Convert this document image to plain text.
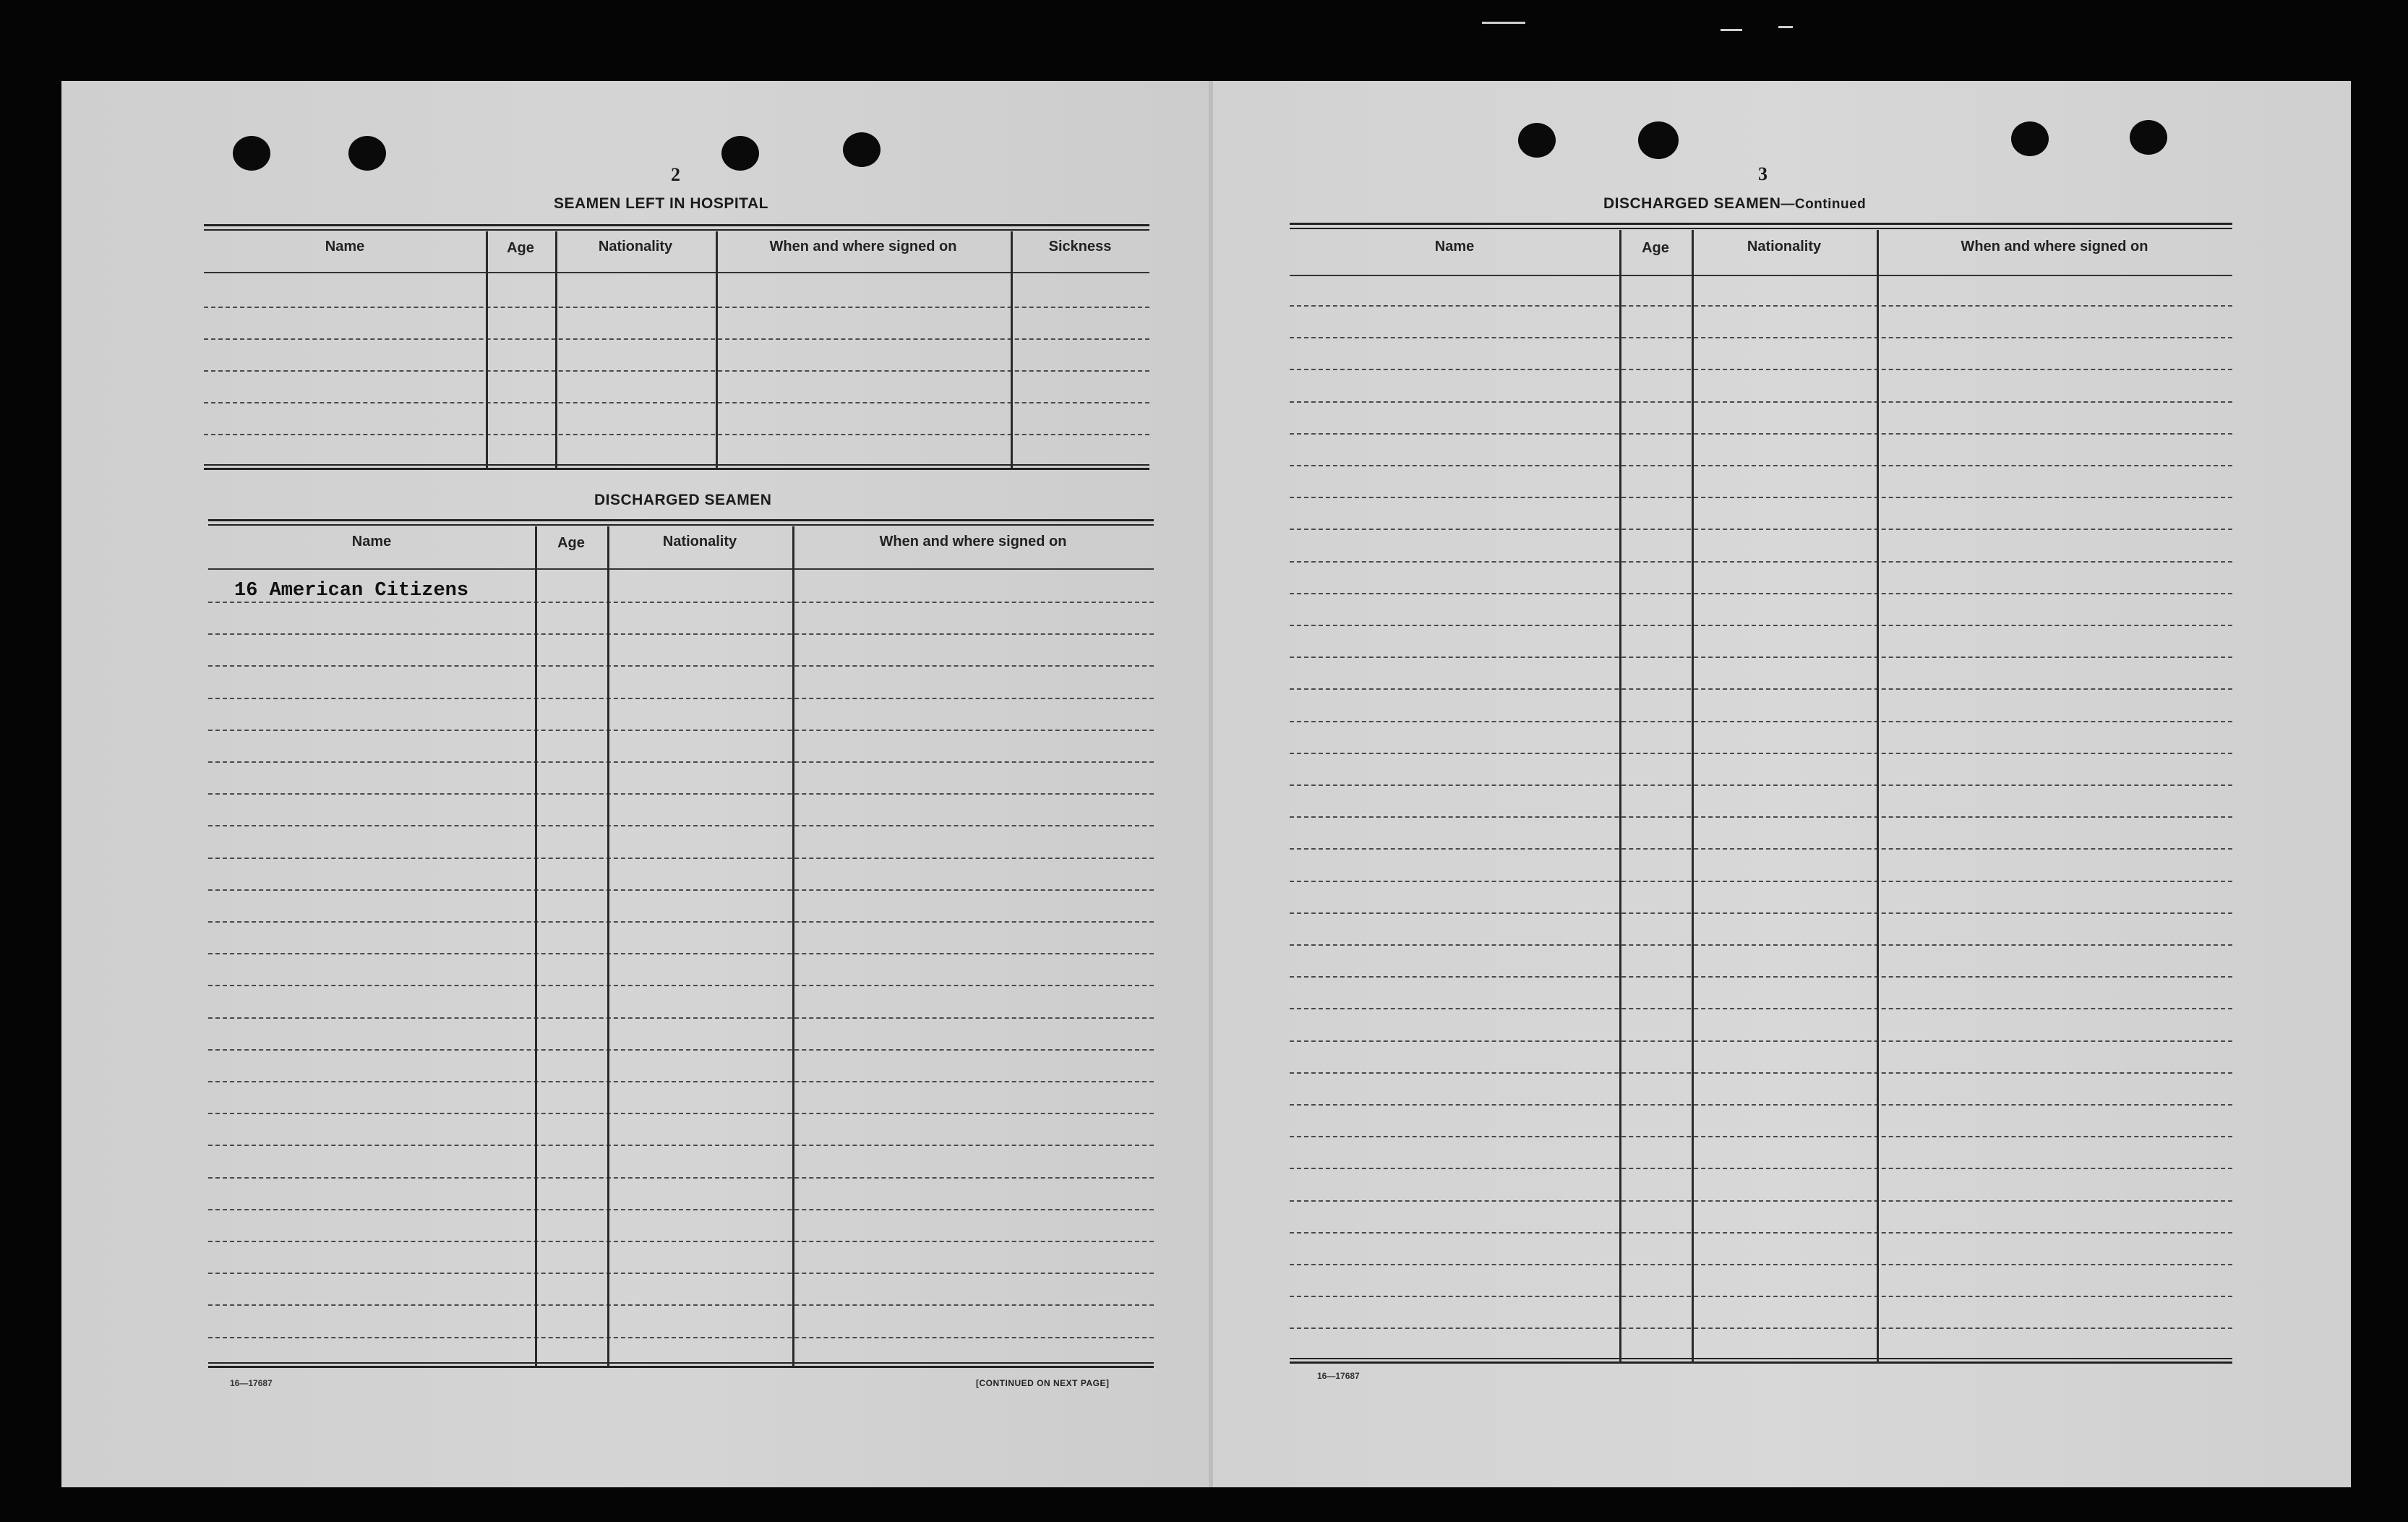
2
SEAMEN LEFT IN HOSPITAL
Name	Age	Nationality	When and where signed on	Sickness
DISCHARGED SEAMEN
Name	Age	Nationality	When and where signed on
16 American Citizens
16—17687	[CONTINUED ON NEXT PAGE]
3
DISCHARGED SEAMEN—Continued
Name	Age	Nationality	When and where signed on
16—17687
